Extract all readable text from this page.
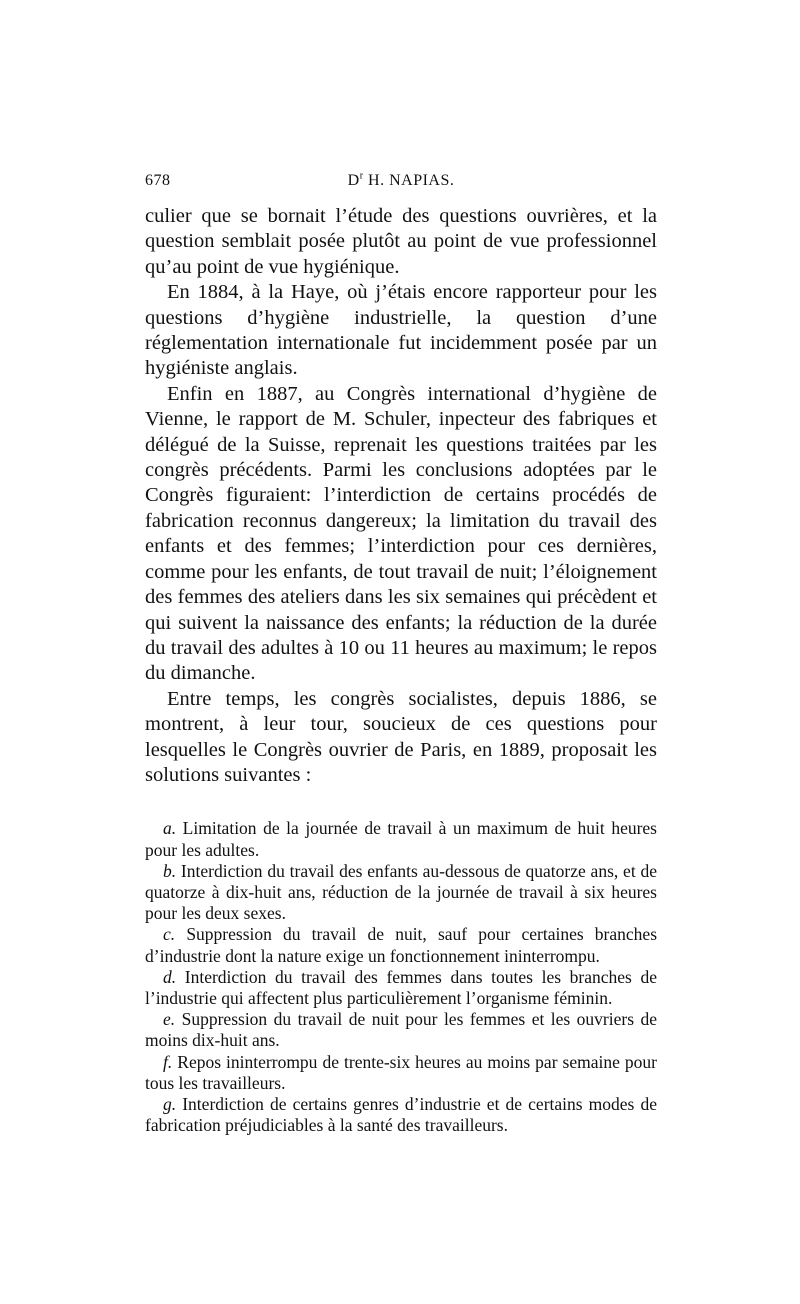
678	$D^r$ H. NAPIAS.

culier que se bornait l’étude des questions ouvrières, et la question semblait posée plutôt au point de vue professionnel qu’au point de vue hygiénique.

En 1884, à la Haye, où j’étais encore rapporteur pour les questions d’hygiène industrielle, la question d’une réglementation internationale fut incidemment posée par un hygiéniste anglais.

Enfin en 1887, au Congrès international d’hygiène de Vienne, le rapport de M. Schuler, inpecteur des fabriques et délégué de la Suisse, reprenait les questions traitées par les congrès précédents. Parmi les conclusions adoptées par le Congrès figuraient: l’interdiction de certains procédés de fabrication reconnus dangereux; la limitation du travail des enfants et des femmes; l’interdiction pour ces dernières, comme pour les enfants, de tout travail de nuit; l’éloignement des femmes des ateliers dans les six semaines qui précèdent et qui suivent la naissance des enfants; la réduction de la durée du travail des adultes à 10 ou 11 heures au maximum; le repos du dimanche.

Entre temps, les congrès socialistes, depuis 1886, se montrent, à leur tour, soucieux de ces questions pour lesquelles le Congrès ouvrier de Paris, en 1889, proposait les solutions suivantes :

a. Limitation de la journée de travail à un maximum de huit heures pour les adultes.

b. Interdiction du travail des enfants au-dessous de quatorze ans, et de quatorze à dix-huit ans, réduction de la journée de travail à six heures pour les deux sexes.

c. Suppression du travail de nuit, sauf pour certaines branches d’industrie dont la nature exige un fonctionnement ininterrompu.

d. Interdiction du travail des femmes dans toutes les branches de l’industrie qui affectent plus particulièrement l’organisme féminin.

e. Suppression du travail de nuit pour les femmes et les ouvriers de moins dix-huit ans.

f. Repos ininterrompu de trente-six heures au moins par semaine pour tous les travailleurs.

g. Interdiction de certains genres d’industrie et de certains modes de fabrication préjudiciables à la santé des travailleurs.
